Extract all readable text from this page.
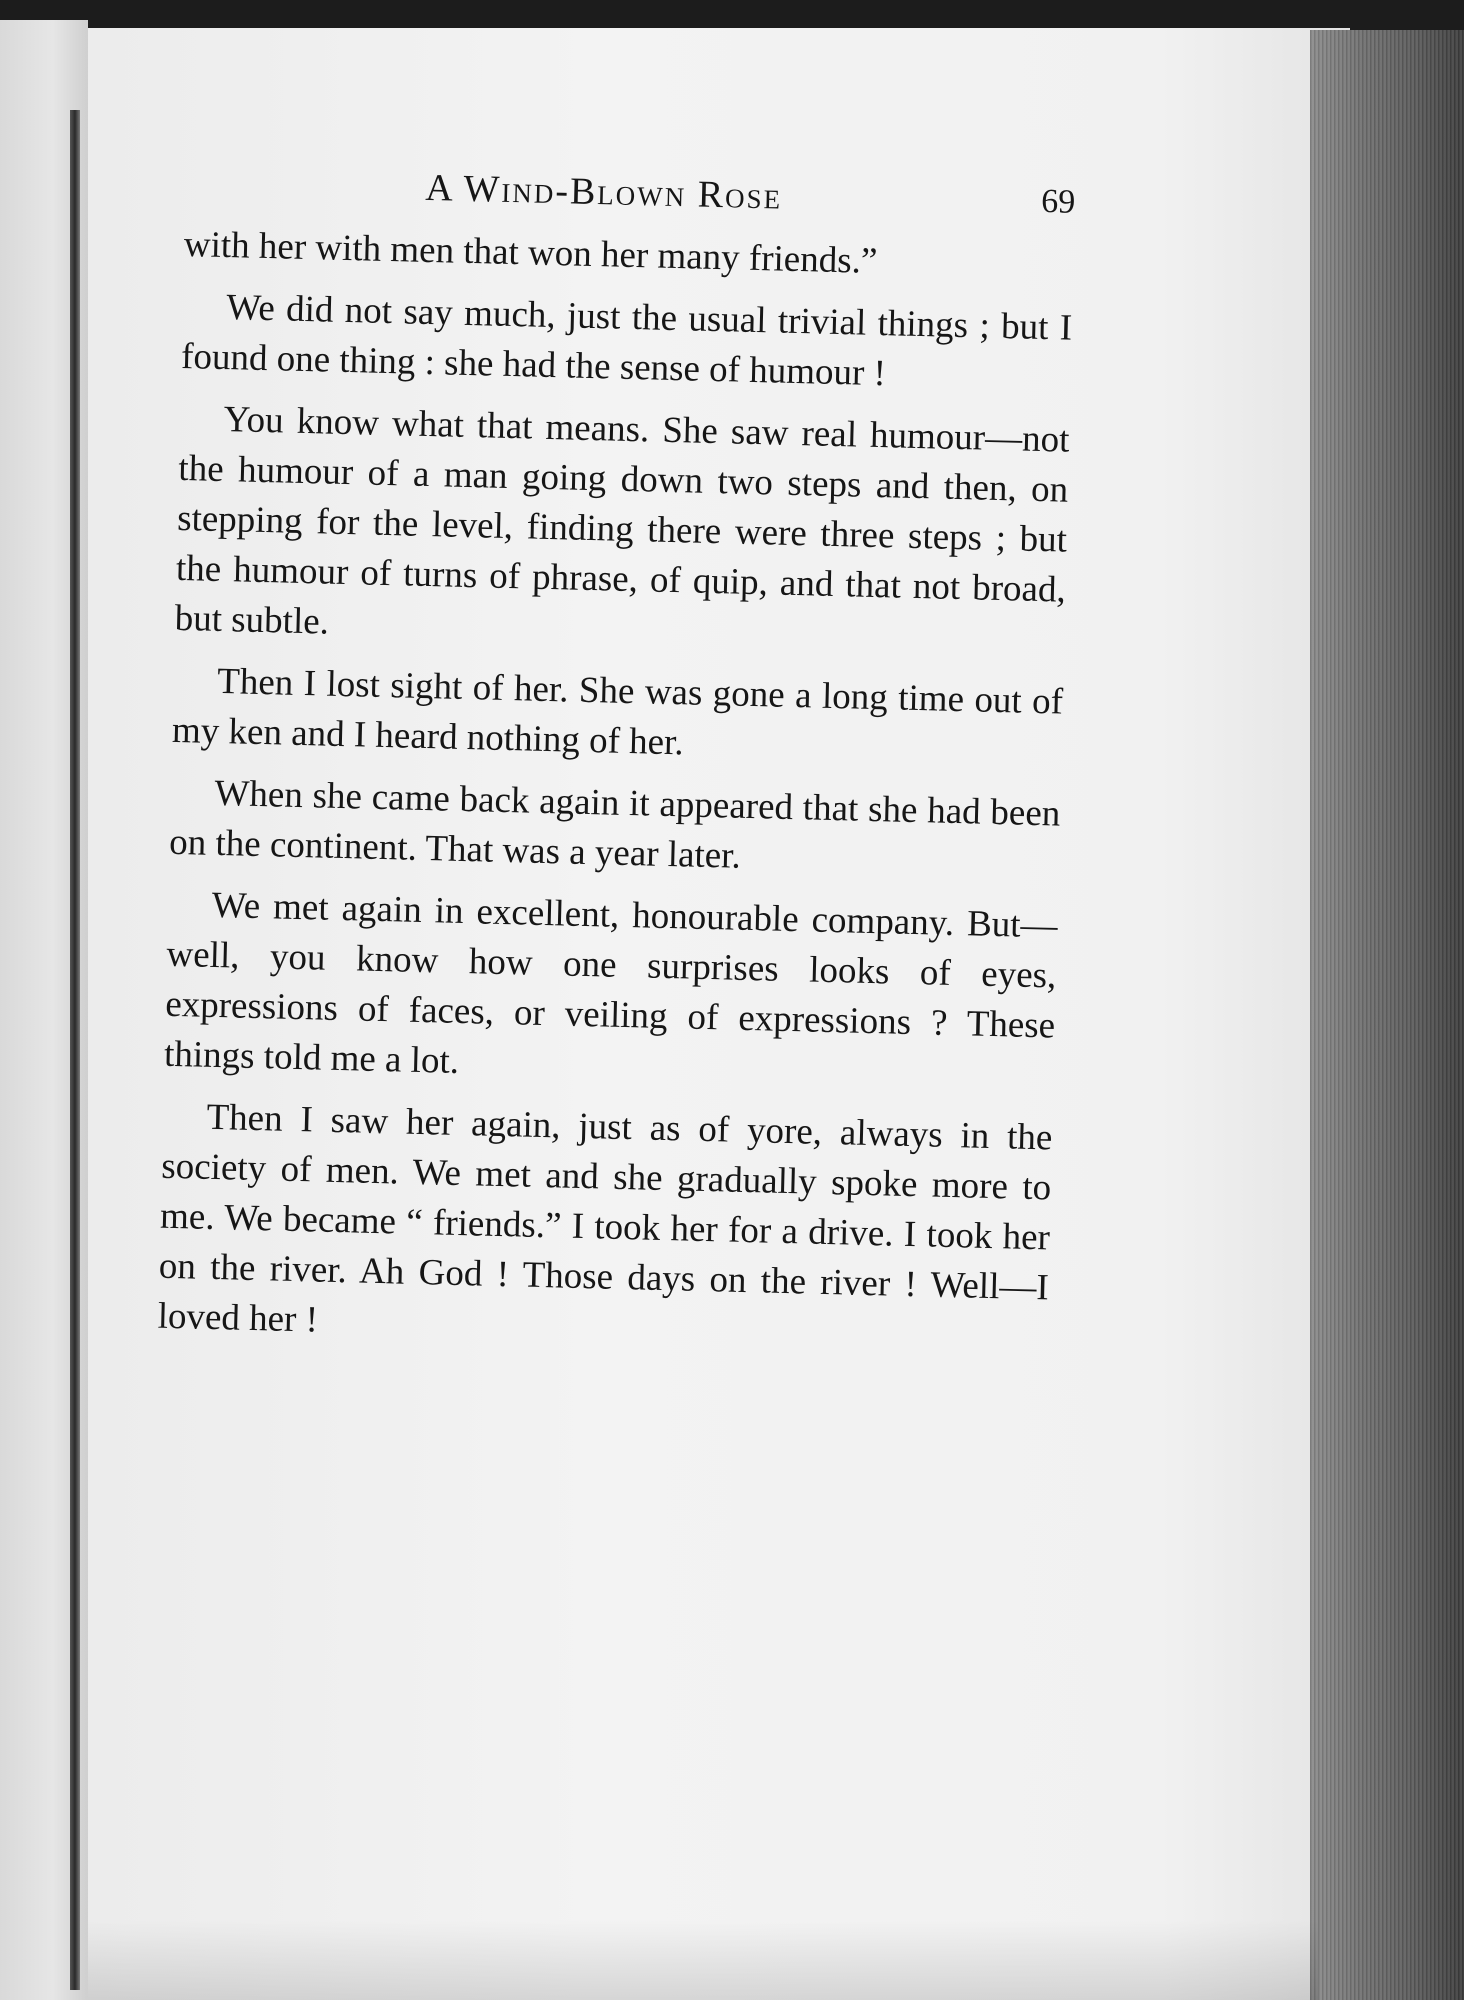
A Wind-Blown Rose	69

with her with men that won her many friends.”

We did not say much, just the usual trivial things ; but I found one thing : she had the sense of humour !

You know what that means. She saw real humour—not the humour of a man going down two steps and then, on stepping for the level, finding there were three steps ; but the humour of turns of phrase, of quip, and that not broad, but subtle.

Then I lost sight of her. She was gone a long time out of my ken and I heard nothing of her.

When she came back again it appeared that she had been on the continent. That was a year later.

We met again in excellent, honourable company. But—well, you know how one surprises looks of eyes, expressions of faces, or veiling of expressions ? These things told me a lot.

Then I saw her again, just as of yore, always in the society of men. We met and she gradually spoke more to me. We became “ friends.” I took her for a drive. I took her on the river. Ah God ! Those days on the river ! Well—I loved her !
